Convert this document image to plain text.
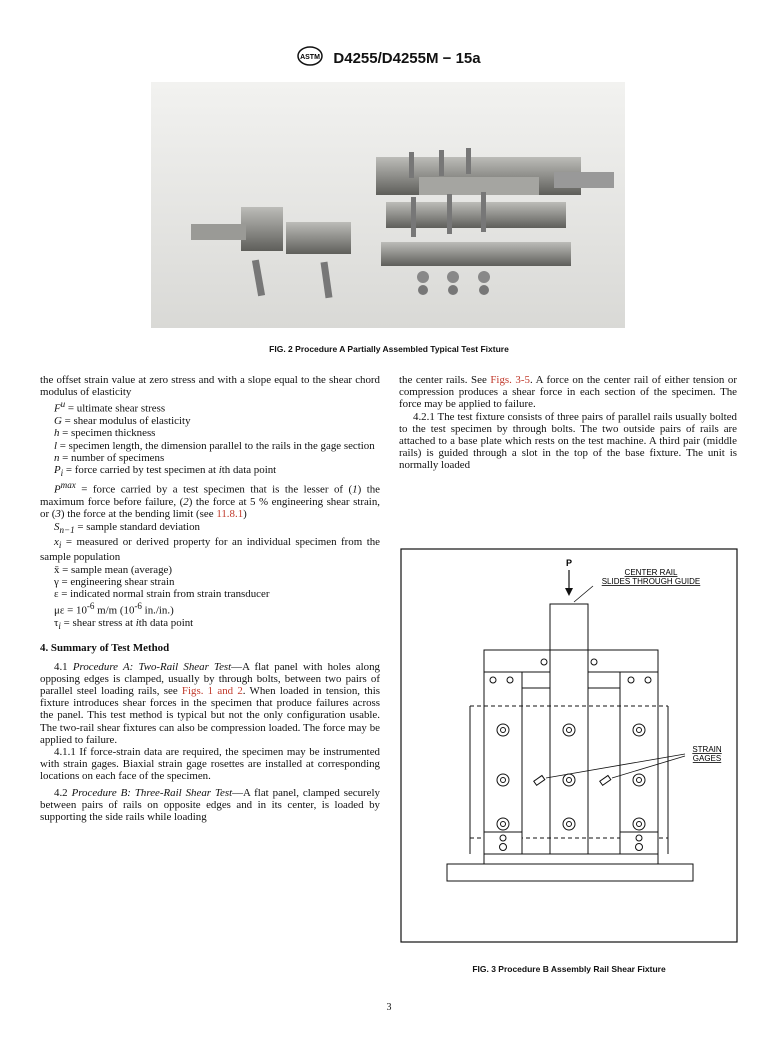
ASTM D4255/D4255M − 15a
FIG. 2 Procedure A Partially Assembled Typical Test Fixture

the offset strain value at zero stress and with a slope equal to the shear chord modulus of elasticity

$F^u$ = ultimate shear stress

G = shear modulus of elasticity

h = specimen thickness

l = specimen length, the dimension parallel to the rails in the gage section

n = number of specimens

$P_i$ = force carried by test specimen at ith data point

$P^{max}$ = force carried by a test specimen that is the lesser of (1) the maximum force before failure, (2) the force at 5 % engineering shear strain, or (3) the force at the bending limit (see 11.8.1)

$S_{n-1}$ = sample standard deviation

$x_i$ = measured or derived property for an individual specimen from the sample population

x̄ = sample mean (average)

γ = engineering shear strain

ε = indicated normal strain from strain transducer

$\mu\varepsilon = 10^{-6}$ m/m ($10^{-6}$ in./in.)

$\tau_i$ = shear stress at ith data point

4. Summary of Test Method

4.1 Procedure A: Two-Rail Shear Test—A flat panel with holes along opposing edges is clamped, usually by through bolts, between two pairs of parallel steel loading rails, see Figs. 1 and 2. When loaded in tension, this fixture introduces shear forces in the specimen that produce failures across the panel. This test method is typical but not the only configuration usable. The two-rail shear fixtures can also be compression loaded. The force may be applied to failure.

4.1.1 If force-strain data are required, the specimen may be instrumented with strain gages. Biaxial strain gage rosettes are installed at corresponding locations on each face of the specimen.

4.2 Procedure B: Three-Rail Shear Test—A flat panel, clamped securely between pairs of rails on opposite edges and in its center, is loaded by supporting the side rails while loading

the center rails. See Figs. 3-5. A force on the center rail of either tension or compression produces a shear force in each section of the specimen. The force may be applied to failure.

4.2.1 The test fixture consists of three pairs of parallel rails usually bolted to the test specimen by through bolts. The two outside pairs of rails are attached to a base plate which rests on the test machine. A third pair (middle rails) is guided through a slot in the top of the base fixture. The unit is normally loaded

P
CENTER RAIL
SLIDES THROUGH GUIDE
STRAIN
GAGES
FIG. 3 Procedure B Assembly Rail Shear Fixture
3
